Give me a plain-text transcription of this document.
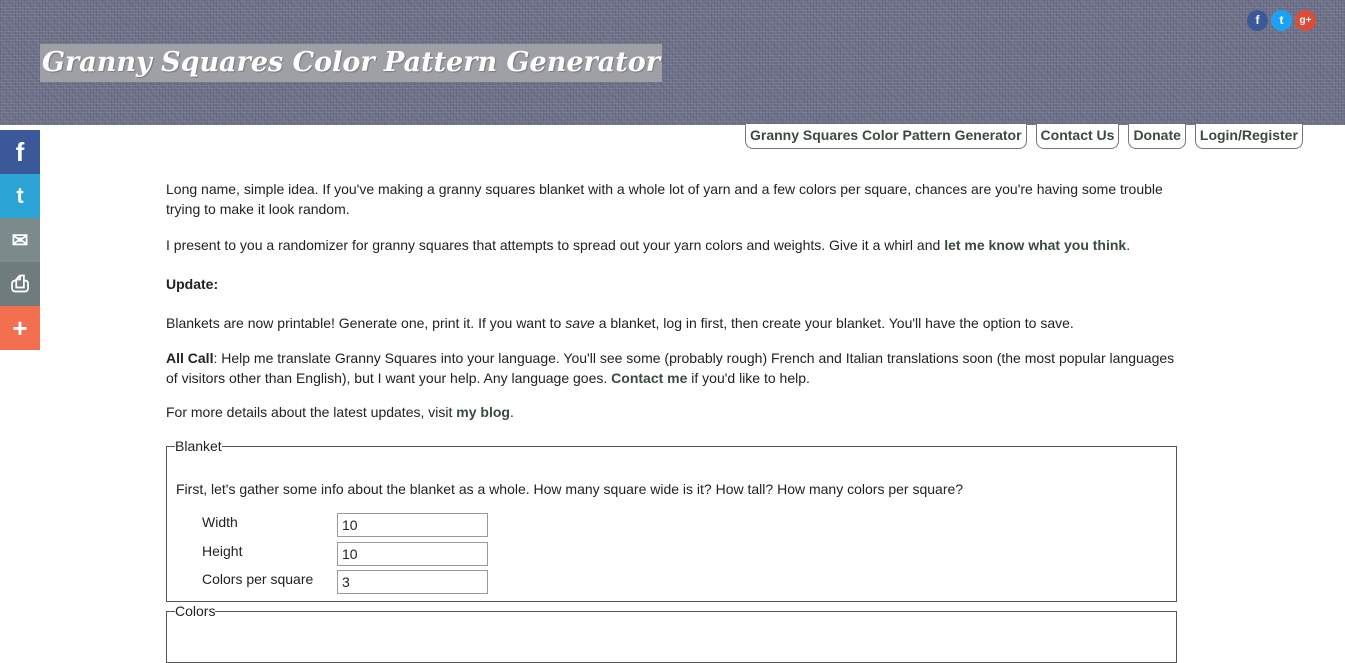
Granny Squares Color Pattern Generator
f	t	g+
Granny Squares Color Pattern Generator	Contact Us	Donate	Login/Register
f
t
✉
⎙
+

Long name, simple idea. If you've making a granny squares blanket with a whole lot of yarn and a few colors per square, chances are you're having some trouble trying to make it look random.

I present to you a randomizer for granny squares that attempts to spread out your yarn colors and weights. Give it a whirl and let me know what you think.

Update:

Blankets are now printable! Generate one, print it. If you want to save a blanket, log in first, then create your blanket. You'll have the option to save.

All Call: Help me translate Granny Squares into your language. You'll see some (probably rough) French and Italian translations soon (the most popular languages of visitors other than English), but I want your help. Any language goes. Contact me if you'd like to help.

For more details about the latest updates, visit my blog.

Blanket

First, let's gather some info about the blanket as a whole. How many square wide is it? How tall? How many colors per square?

Width
10
Height
10
Colors per square
3
Colors
